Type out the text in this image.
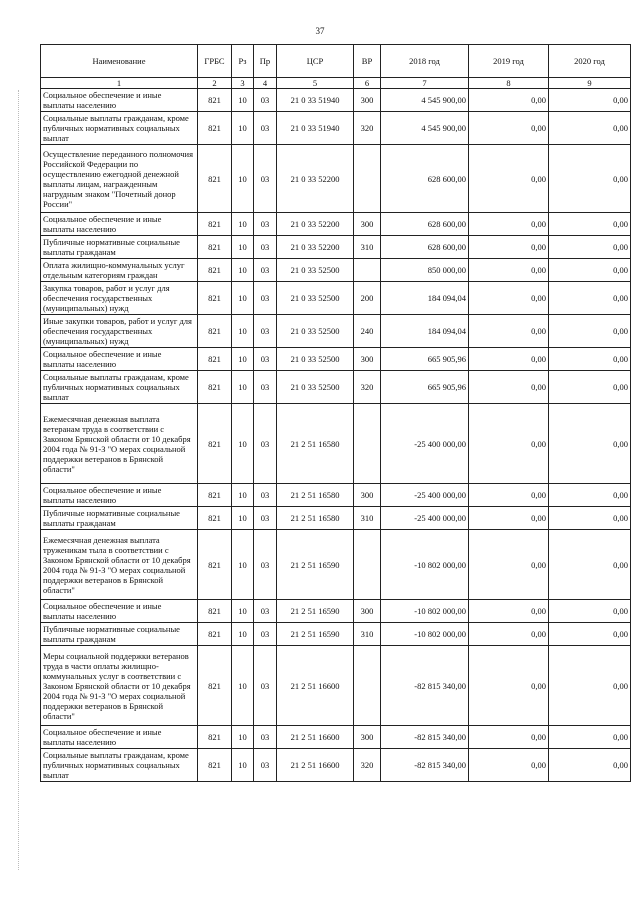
37
Наименование	ГРБС	Рз	Пр	ЦСР	ВР	2018 год	2019 год	2020 год
1	2	3	4	5	6	7	8	9
Социальное обеспечение и иные выплаты населению	821	10	03	21 0 33 51940	300	4 545 900,00	0,00	0,00
Социальные выплаты гражданам, кроме публичных нормативных социальных выплат	821	10	03	21 0 33 51940	320	4 545 900,00	0,00	0,00
Осуществление переданного полномочия Российской Федерации по осуществлению ежегодной денежной выплаты лицам, награжденным нагрудным знаком "Почетный донор России"	821	10	03	21 0 33 52200		628 600,00	0,00	0,00
Социальное обеспечение и иные выплаты населению	821	10	03	21 0 33 52200	300	628 600,00	0,00	0,00
Публичные нормативные социальные выплаты гражданам	821	10	03	21 0 33 52200	310	628 600,00	0,00	0,00
Оплата жилищно-коммунальных услуг отдельным категориям граждан	821	10	03	21 0 33 52500		850 000,00	0,00	0,00
Закупка товаров, работ и услуг для обеспечения государственных (муниципальных) нужд	821	10	03	21 0 33 52500	200	184 094,04	0,00	0,00
Иные закупки товаров, работ и услуг для обеспечения государственных (муниципальных) нужд	821	10	03	21 0 33 52500	240	184 094,04	0,00	0,00
Социальное обеспечение и иные выплаты населению	821	10	03	21 0 33 52500	300	665 905,96	0,00	0,00
Социальные выплаты гражданам, кроме публичных нормативных социальных выплат	821	10	03	21 0 33 52500	320	665 905,96	0,00	0,00
Ежемесячная денежная выплата ветеранам труда в соответствии с Законом Брянской области от 10 декабря 2004 года № 91-З "О мерах социальной поддержки ветеранов в Брянской области"	821	10	03	21 2 51 16580		-25 400 000,00	0,00	0,00
Социальное обеспечение и иные выплаты населению	821	10	03	21 2 51 16580	300	-25 400 000,00	0,00	0,00
Публичные нормативные социальные выплаты гражданам	821	10	03	21 2 51 16580	310	-25 400 000,00	0,00	0,00
Ежемесячная денежная выплата труженикам тыла в соответствии с Законом Брянской области от 10 декабря 2004 года № 91-З "О мерах социальной поддержки ветеранов в Брянской области"	821	10	03	21 2 51 16590		-10 802 000,00	0,00	0,00
Социальное обеспечение и иные выплаты населению	821	10	03	21 2 51 16590	300	-10 802 000,00	0,00	0,00
Публичные нормативные социальные выплаты гражданам	821	10	03	21 2 51 16590	310	-10 802 000,00	0,00	0,00
Меры социальной поддержки ветеранов труда в части оплаты жилищно-коммунальных услуг в соответствии с Законом Брянской области от 10 декабря 2004 года № 91-З "О мерах социальной поддержки ветеранов в Брянской области"	821	10	03	21 2 51 16600		-82 815 340,00	0,00	0,00
Социальное обеспечение и иные выплаты населению	821	10	03	21 2 51 16600	300	-82 815 340,00	0,00	0,00
Социальные выплаты гражданам, кроме публичных нормативных социальных выплат	821	10	03	21 2 51 16600	320	-82 815 340,00	0,00	0,00
